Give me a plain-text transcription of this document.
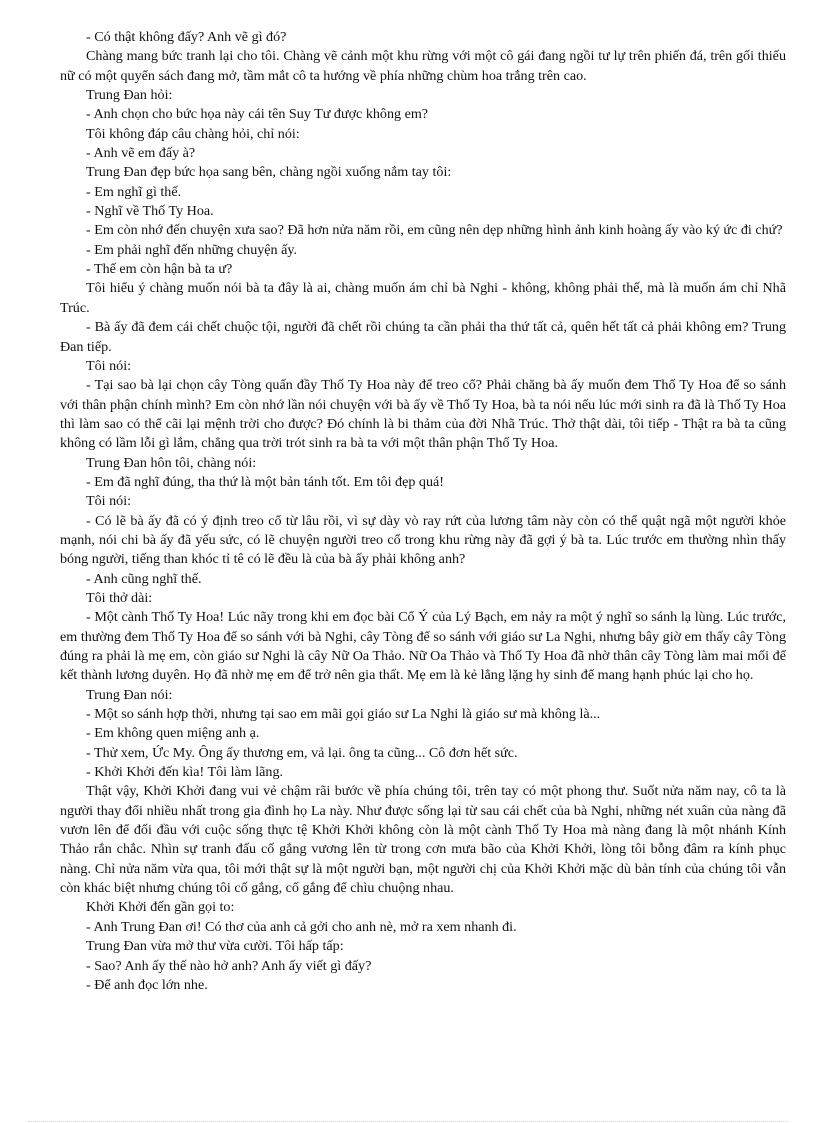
- Có thật không đấy? Anh vẽ gì đó?

Chàng mang bức tranh lại cho tôi. Chàng vẽ cảnh một khu rừng với một cô gái đang ngồi tư lự trên phiến đá, trên gối thiếu nữ có một quyển sách đang mở, tầm mắt cô ta hướng về phía những chùm hoa trắng trên cao.

Trung Đan hỏi:

- Anh chọn cho bức họa này cái tên Suy Tư được không em?

Tôi không đáp câu chàng hỏi, chỉ nói:

- Anh vẽ em đấy à?

Trung Đan đẹp bức họa sang bên, chàng ngồi xuống nắm tay tôi:

- Em nghĩ gì thế.

- Nghĩ về Thố Ty Hoa.

- Em còn nhớ đến chuyện xưa sao? Đã hơn nửa năm rồi, em cũng nên dẹp những hình ảnh kinh hoàng ấy vào ký ức đi chứ?

- Em phải nghĩ đến những chuyện ấy.

- Thế em còn hận bà ta ư?

Tôi hiểu ý chàng muốn nói bà ta đây là ai, chàng muốn ám chỉ bà Nghi - không, không phải thế, mà là muốn ám chỉ Nhã Trúc.

- Bà ấy đã đem cái chết chuộc tội, người đã chết rồi chúng ta cần phải tha thứ tất cả, quên hết tất cả phải không em? Trung Đan tiếp.

Tôi nói:

- Tại sao bà lại chọn cây Tòng quấn đầy Thố Ty Hoa này để treo cổ? Phải chăng bà ấy muốn đem Thố Ty Hoa để so sánh với thân phận chính mình? Em còn nhớ lần nói chuyện với bà ấy về Thố Ty Hoa, bà ta nói nếu lúc mới sinh ra đã là Thố Ty Hoa thì làm sao có thể cãi lại mệnh trời cho được? Đó chính là bi thảm của đời Nhã Trúc. Thở thật dài, tôi tiếp - Thật ra bà ta cũng không có lầm lỗi gì lắm, chẳng qua trời trót sinh ra bà ta với một thân phận Thố Ty Hoa.

Trung Đan hôn tôi, chàng nói:

- Em đã nghĩ đúng, tha thứ là một bản tánh tốt. Em tôi đẹp quá!

Tôi nói:

- Có lẽ bà ấy đã có ý định treo cổ từ lâu rồi, vì sự dày vò ray rứt của lương tâm này còn có thể quật ngã một người khỏe mạnh, nói chi bà ấy đã yếu sức, có lẽ chuyện người treo cổ trong khu rừng này đã gợi ý bà ta. Lúc trước em thường nhìn thấy bóng người, tiếng than khóc tỉ tê có lẽ đều là của bà ấy phải không anh?

- Anh cũng nghĩ thế.

Tôi thở dài:

- Một cành Thố Ty Hoa! Lúc nãy trong khi em đọc bài Cổ Ý của Lý Bạch, em nảy ra một ý nghĩ so sánh lạ lùng. Lúc trước, em thường đem Thố Ty Hoa để so sánh với bà Nghi, cây Tòng để so sánh với giáo sư La Nghi, nhưng bây giờ em thấy cây Tòng đúng ra phải là mẹ em, còn giáo sư Nghi là cây Nữ Oa Thảo. Nữ Oa Thảo và Thố Ty Hoa đã nhờ thân cây Tòng làm mai mối để kết thành lương duyên. Họ đã nhờ mẹ em để trở nên gia thất. Mẹ em là kẻ lẳng lặng hy sinh để mang hạnh phúc lại cho họ.

Trung Đan nói:

- Một so sánh hợp thời, nhưng tại sao em mãi gọi giáo sư La Nghi là giáo sư mà không là...

- Em không quen miệng anh ạ.

- Thử xem, Ức My. Ông ấy thương em, vả lại. ông ta cũng... Cô đơn hết sức.

- Khởi Khởi đến kìa! Tôi làm lãng.

Thật vậy, Khởi Khởi đang vui vẻ chậm rãi bước về phía chúng tôi, trên tay có một phong thư. Suốt nửa năm nay, cô ta là người thay đổi nhiều nhất trong gia đình họ La này. Như được sống lại từ sau cái chết của bà Nghi, những nét xuân của nàng đã vươn lên để đối đầu với cuộc sống thực tệ Khởi Khởi không còn là một cành Thố Ty Hoa mà nàng đang là một nhánh Kính Thảo rắn chắc. Nhìn sự tranh đấu cố gắng vương lên từ trong cơn mưa bão của Khởi Khởi, lòng tôi bỗng đâm ra kính phục nàng. Chỉ nửa năm vừa qua, tôi mới thật sự là một người bạn, một người chị của Khởi Khởi mặc dù bản tính của chúng tôi vẫn còn khác biệt nhưng chúng tôi cố gắng, cố gắng để chìu chuộng nhau.

Khởi Khởi đến gần gọi to:

- Anh Trung Đan ơi! Có thơ của anh cả gởi cho anh nè, mở ra xem nhanh đi.

Trung Đan vừa mở thư vừa cười. Tôi hấp tấp:

- Sao? Anh ấy thế nào hở anh? Anh ấy viết gì đấy?

- Để anh đọc lớn nhe.
